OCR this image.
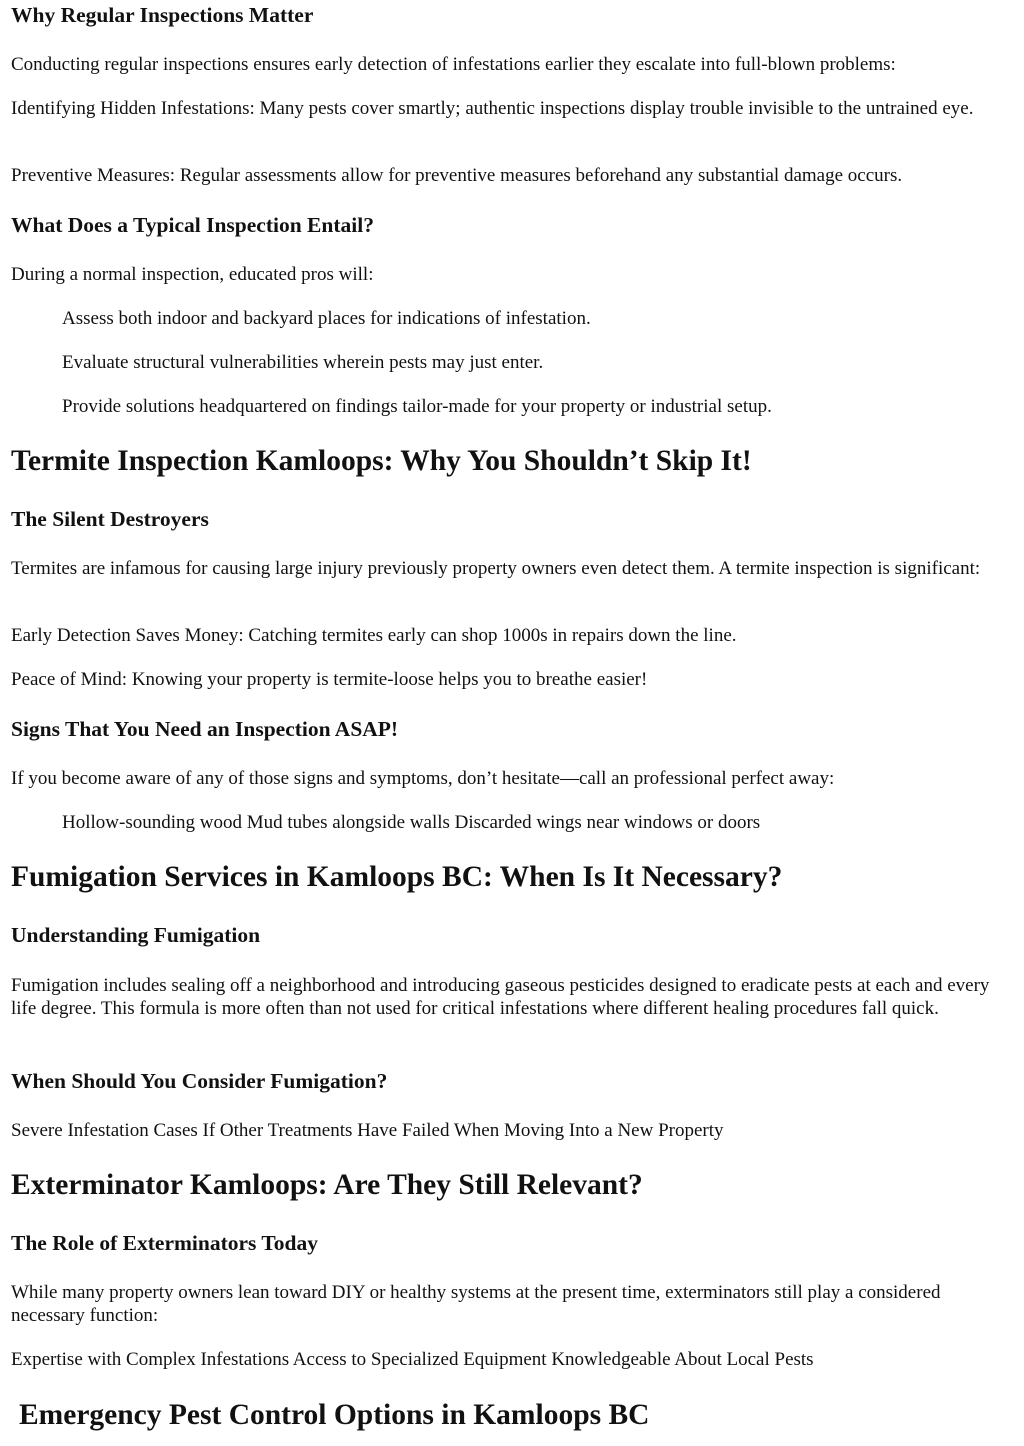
Why Regular Inspections Matter

Conducting regular inspections ensures early detection of infestations earlier they escalate into full-blown problems:

Identifying Hidden Infestations: Many pests cover smartly; authentic inspections display trouble invisible to the untrained eye.

Preventive Measures: Regular assessments allow for preventive measures beforehand any substantial damage occurs.

What Does a Typical Inspection Entail?

During a normal inspection, educated pros will:

Assess both indoor and backyard places for indications of infestation.

Evaluate structural vulnerabilities wherein pests may just enter.

Provide solutions headquartered on findings tailor-made for your property or industrial setup.

Termite Inspection Kamloops: Why You Shouldn’t Skip It!
The Silent Destroyers

Termites are infamous for causing large injury previously property owners even detect them. A termite inspection is significant:

Early Detection Saves Money: Catching termites early can shop 1000s in repairs down the line.

Peace of Mind: Knowing your property is termite-loose helps you to breathe easier!

Signs That You Need an Inspection ASAP!

If you become aware of any of those signs and symptoms, don’t hesitate—call an professional perfect away:

Hollow-sounding wood Mud tubes alongside walls Discarded wings near windows or doors

Fumigation Services in Kamloops BC: When Is It Necessary?
Understanding Fumigation

Fumigation includes sealing off a neighborhood and introducing gaseous pesticides designed to eradicate pests at each and every life degree. This formula is more often than not used for critical infestations where different healing procedures fall quick.

When Should You Consider Fumigation?

Severe Infestation Cases If Other Treatments Have Failed When Moving Into a New Property

Exterminator Kamloops: Are They Still Relevant?
The Role of Exterminators Today

While many property owners lean toward DIY or healthy systems at the present time, exterminators still play a considered necessary function:

Expertise with Complex Infestations Access to Specialized Equipment Knowledgeable About Local Pests

Emergency Pest Control Options in Kamloops BC
